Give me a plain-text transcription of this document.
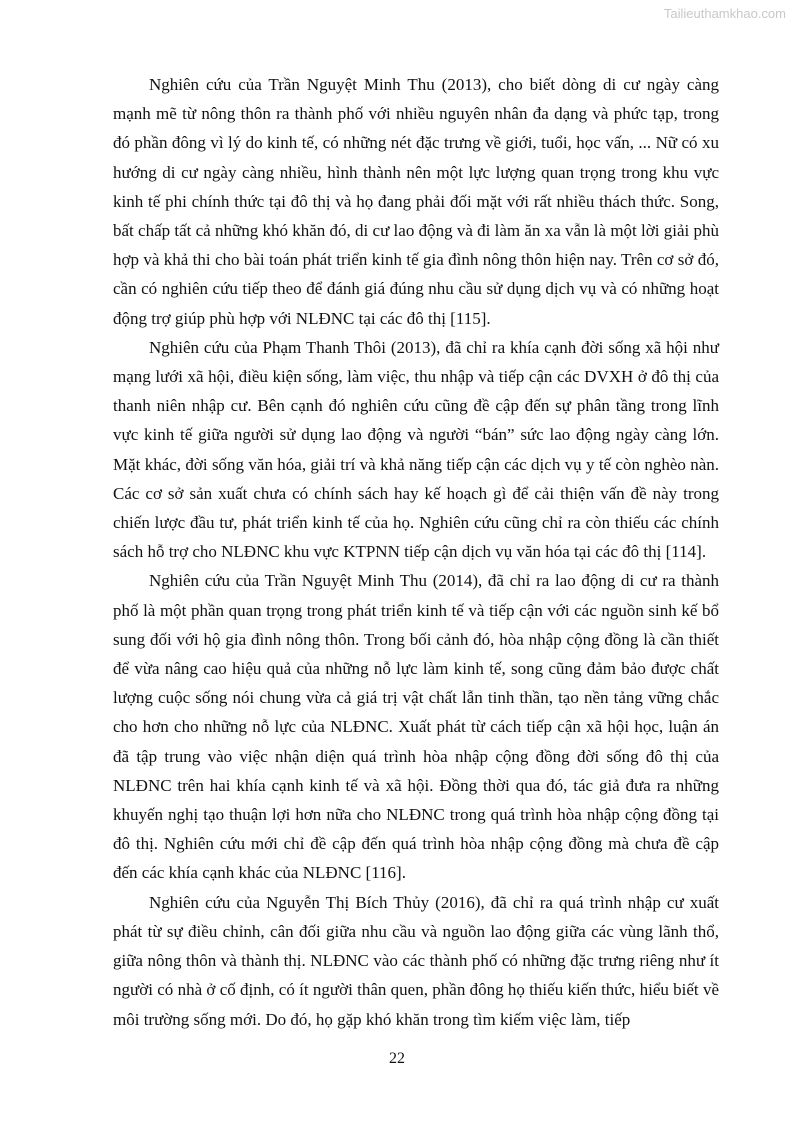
Tailieuthamkhao.com

Nghiên cứu của Trần Nguyệt Minh Thu (2013), cho biết dòng di cư ngày càng mạnh mẽ từ nông thôn ra thành phố với nhiều nguyên nhân đa dạng và phức tạp, trong đó phần đông vì lý do kinh tế, có những nét đặc trưng về giới, tuổi, học vấn, ... Nữ có xu hướng di cư ngày càng nhiều, hình thành nên một lực lượng quan trọng trong khu vực kinh tế phi chính thức tại đô thị và họ đang phải đối mặt với rất nhiều thách thức. Song, bất chấp tất cả những khó khăn đó, di cư lao động và đi làm ăn xa vẫn là một lời giải phù hợp và khả thi cho bài toán phát triển kinh tế gia đình nông thôn hiện nay. Trên cơ sở đó, cần có nghiên cứu tiếp theo để đánh giá đúng nhu cầu sử dụng dịch vụ và có những hoạt động trợ giúp phù hợp với NLĐNC tại các đô thị [115].

Nghiên cứu của Phạm Thanh Thôi (2013), đã chỉ ra khía cạnh đời sống xã hội như mạng lưới xã hội, điều kiện sống, làm việc, thu nhập và tiếp cận các DVXH ở đô thị của thanh niên nhập cư. Bên cạnh đó nghiên cứu cũng đề cập đến sự phân tầng trong lĩnh vực kinh tế giữa người sử dụng lao động và người “bán” sức lao động ngày càng lớn. Mặt khác, đời sống văn hóa, giải trí và khả năng tiếp cận các dịch vụ y tế còn nghèo nàn. Các cơ sở sản xuất chưa có chính sách hay kế hoạch gì để cải thiện vấn đề này trong chiến lược đầu tư, phát triển kinh tế của họ. Nghiên cứu cũng chỉ ra còn thiếu các chính sách hỗ trợ cho NLĐNC khu vực KTPNN tiếp cận dịch vụ văn hóa tại các đô thị [114].

Nghiên cứu của Trần Nguyệt Minh Thu (2014), đã chỉ ra lao động di cư ra thành phố là một phần quan trọng trong phát triển kinh tế và tiếp cận với các nguồn sinh kế bổ sung đối với hộ gia đình nông thôn. Trong bối cảnh đó, hòa nhập cộng đồng là cần thiết để vừa nâng cao hiệu quả của những nỗ lực làm kinh tế, song cũng đảm bảo được chất lượng cuộc sống nói chung vừa cả giá trị vật chất lẫn tinh thần, tạo nền tảng vững chắc cho hơn cho những nỗ lực của NLĐNC. Xuất phát từ cách tiếp cận xã hội học, luận án đã tập trung vào việc nhận diện quá trình hòa nhập cộng đồng đời sống đô thị của NLĐNC trên hai khía cạnh kinh tế và xã hội. Đồng thời qua đó, tác giả đưa ra những khuyến nghị tạo thuận lợi hơn nữa cho NLĐNC trong quá trình hòa nhập cộng đồng tại đô thị. Nghiên cứu mới chỉ đề cập đến quá trình hòa nhập cộng đồng mà chưa đề cập đến các khía cạnh khác của NLĐNC [116].

Nghiên cứu của Nguyễn Thị Bích Thủy (2016), đã chỉ ra quá trình nhập cư xuất phát từ sự điều chỉnh, cân đối giữa nhu cầu và nguồn lao động giữa các vùng lãnh thổ, giữa nông thôn và thành thị. NLĐNC vào các thành phố có những đặc trưng riêng như ít người có nhà ở cố định, có ít người thân quen, phần đông họ thiếu kiến thức, hiểu biết về môi trường sống mới. Do đó, họ gặp khó khăn trong tìm kiếm việc làm, tiếp

22
